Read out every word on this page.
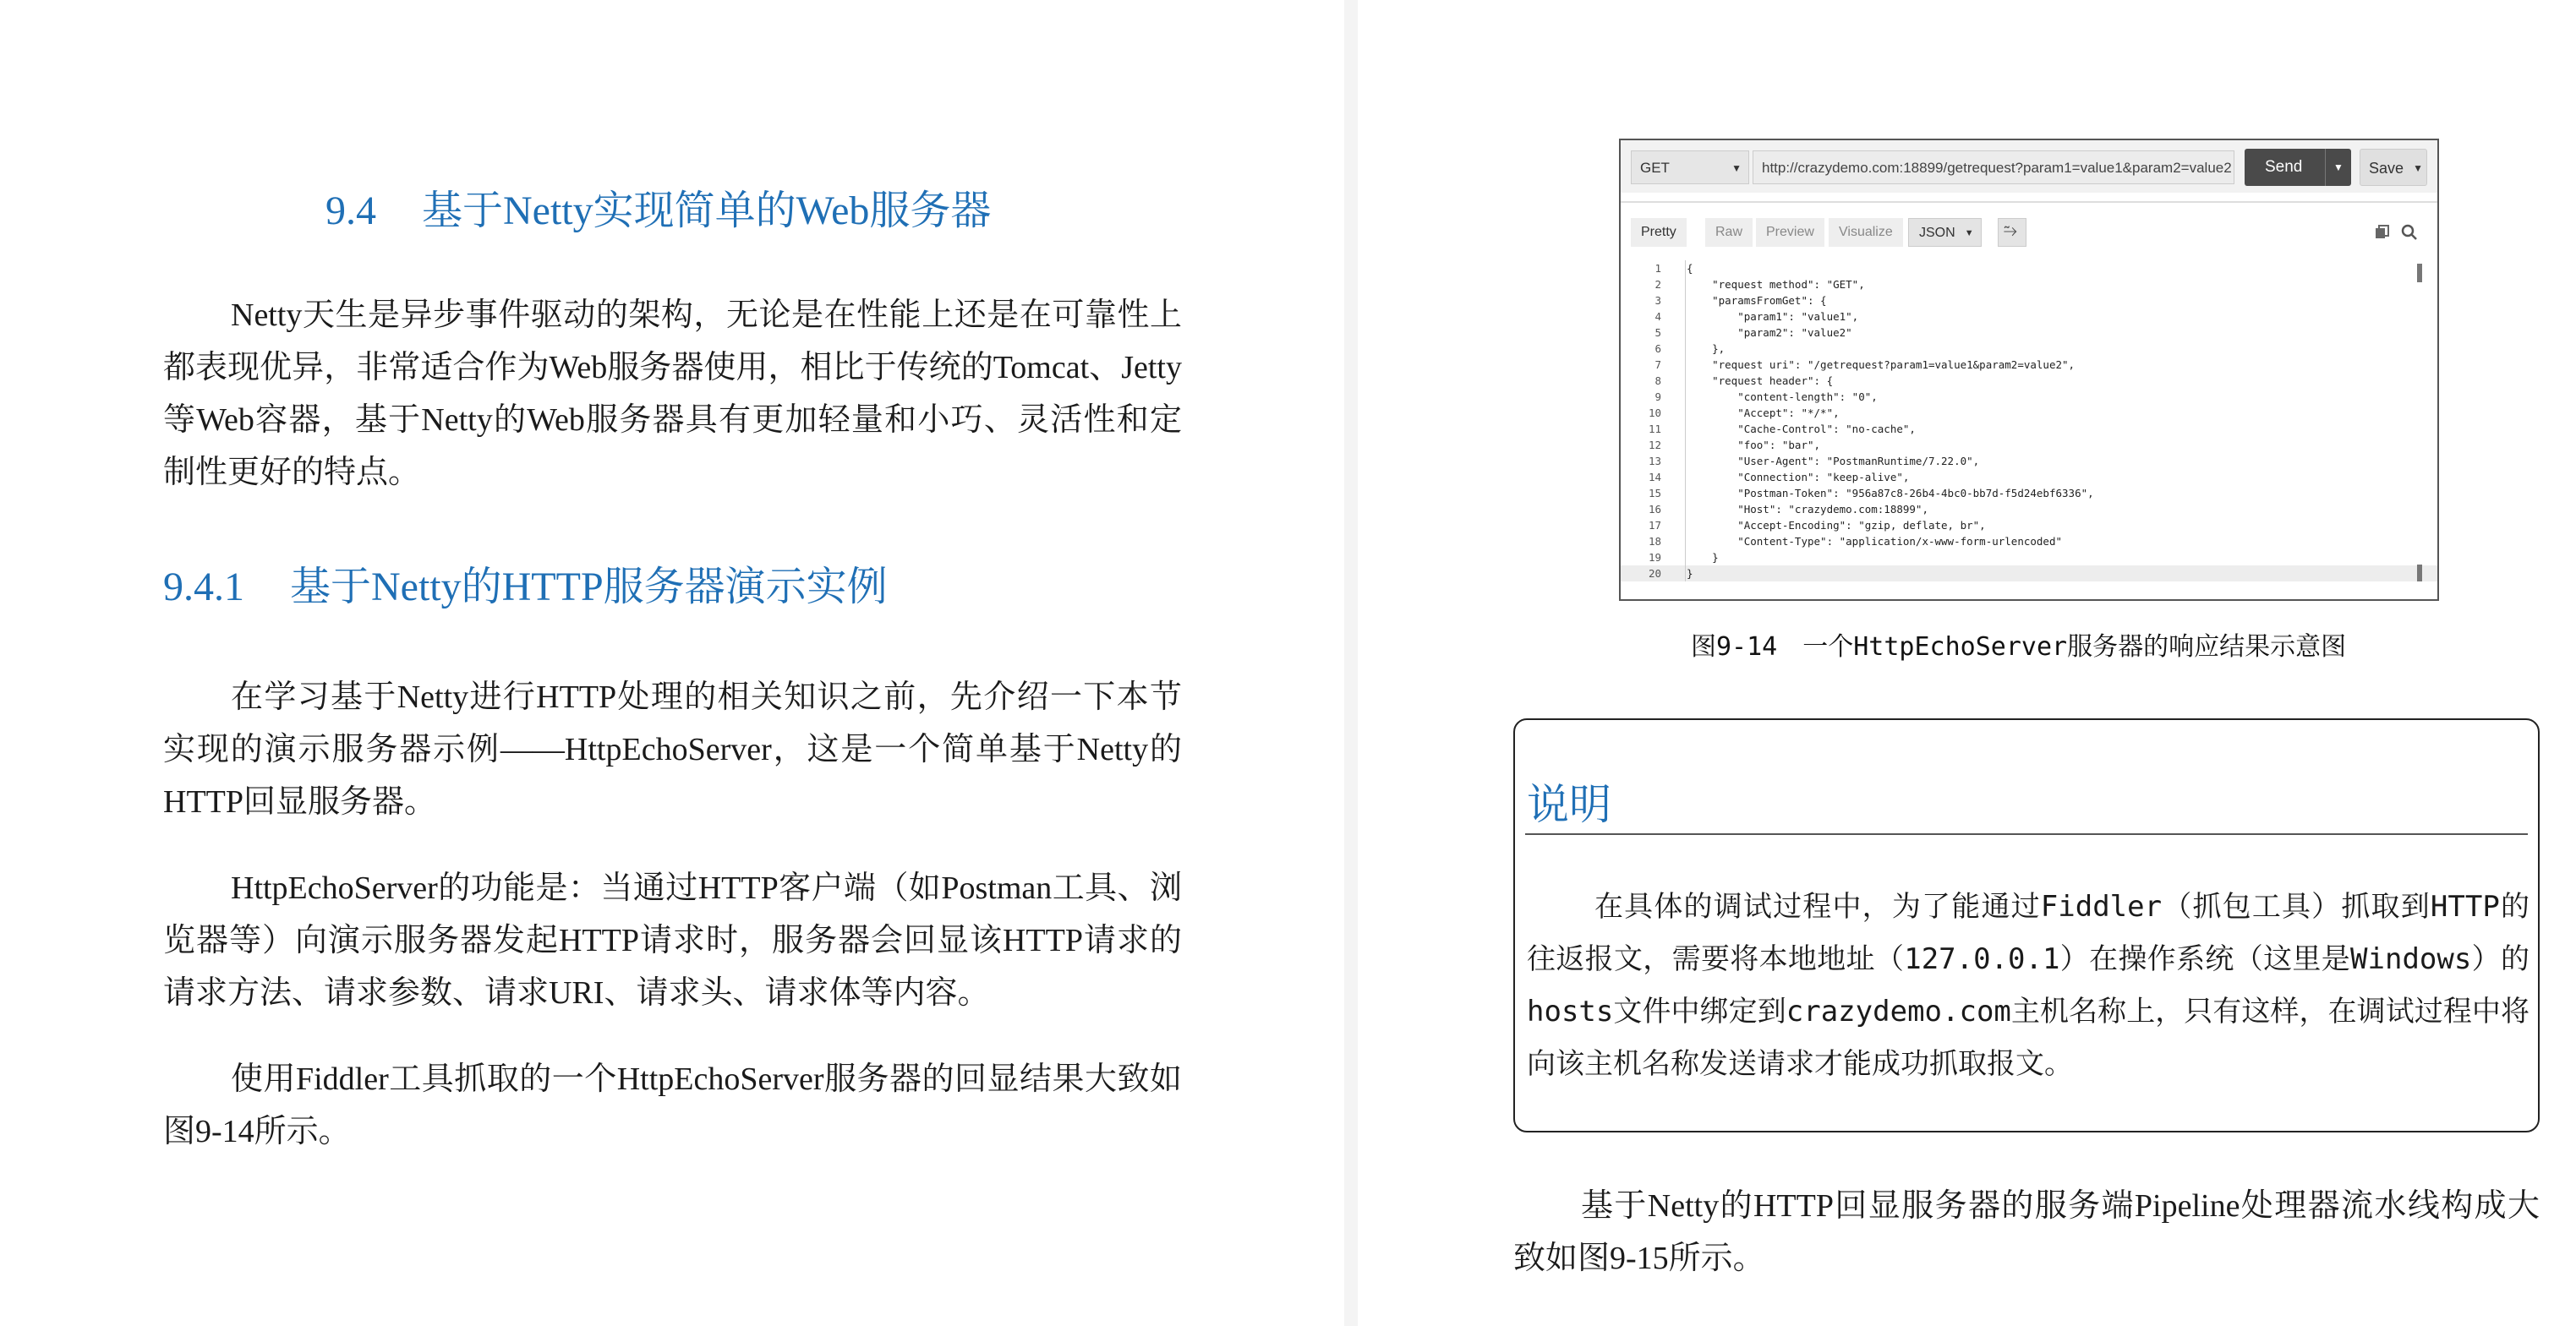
9.4 基于Netty实现简单的Web服务器

Netty天生是异步事件驱动的架构，无论是在性能上还是在可靠性上都表现优异，非常适合作为Web服务器使用，相比于传统的Tomcat、Jetty等Web容器，基于Netty的Web服务器具有更加轻量和小巧、灵活性和定制性更好的特点。

9.4.1 基于Netty的HTTP服务器演示实例

在学习基于Netty进行HTTP处理的相关知识之前，先介绍一下本节实现的演示服务器示例——HttpEchoServer，这是一个简单基于Netty的HTTP回显服务器。

HttpEchoServer的功能是：当通过HTTP客户端（如Postman工具、浏览器等）向演示服务器发起HTTP请求时，服务器会回显该HTTP请求的请求方法、请求参数、请求URI、请求头、请求体等内容。

使用Fiddler工具抓取的一个HttpEchoServer服务器的回显结果大致如图9-14所示。

GET	▼	http://crazydemo.com:18899/getrequest?param1=value1&param2=value2	Send	▼	Save ▼
Pretty	Raw	Preview	Visualize	JSON ▼ ⥲
1 {
2 "request method": "GET",
3 "paramsFromGet": {
4 "param1": "value1",
5 "param2": "value2"
6 },
7 "request uri": "/getrequest?param1=value1&param2=value2",
8 "request header": {
9 "content-length": "0",
10 "Accept": "*/*",
11 "Cache-Control": "no-cache",
12 "foo": "bar",
13 "User-Agent": "PostmanRuntime/7.22.0",
14 "Connection": "keep-alive",
15 "Postman-Token": "956a87c8-26b4-4bc0-bb7d-f5d24ebf6336",
16 "Host": "crazydemo.com:18899",
17 "Accept-Encoding": "gzip, deflate, br",
18 "Content-Type": "application/x-www-form-urlencoded"
19 }
20 }
图9-14　一个HttpEchoServer服务器的响应结果示意图
说明

在具体的调试过程中，为了能通过Fiddler（抓包工具）抓取到HTTP的往返报文，需要将本地地址（127.0.0.1）在操作系统（这里是Windows）的hosts文件中绑定到crazydemo.com主机名称上，只有这样，在调试过程中将向该主机名称发送请求才能成功抓取报文。

基于Netty的HTTP回显服务器的服务端Pipeline处理器流水线构成大致如图9-15所示。
